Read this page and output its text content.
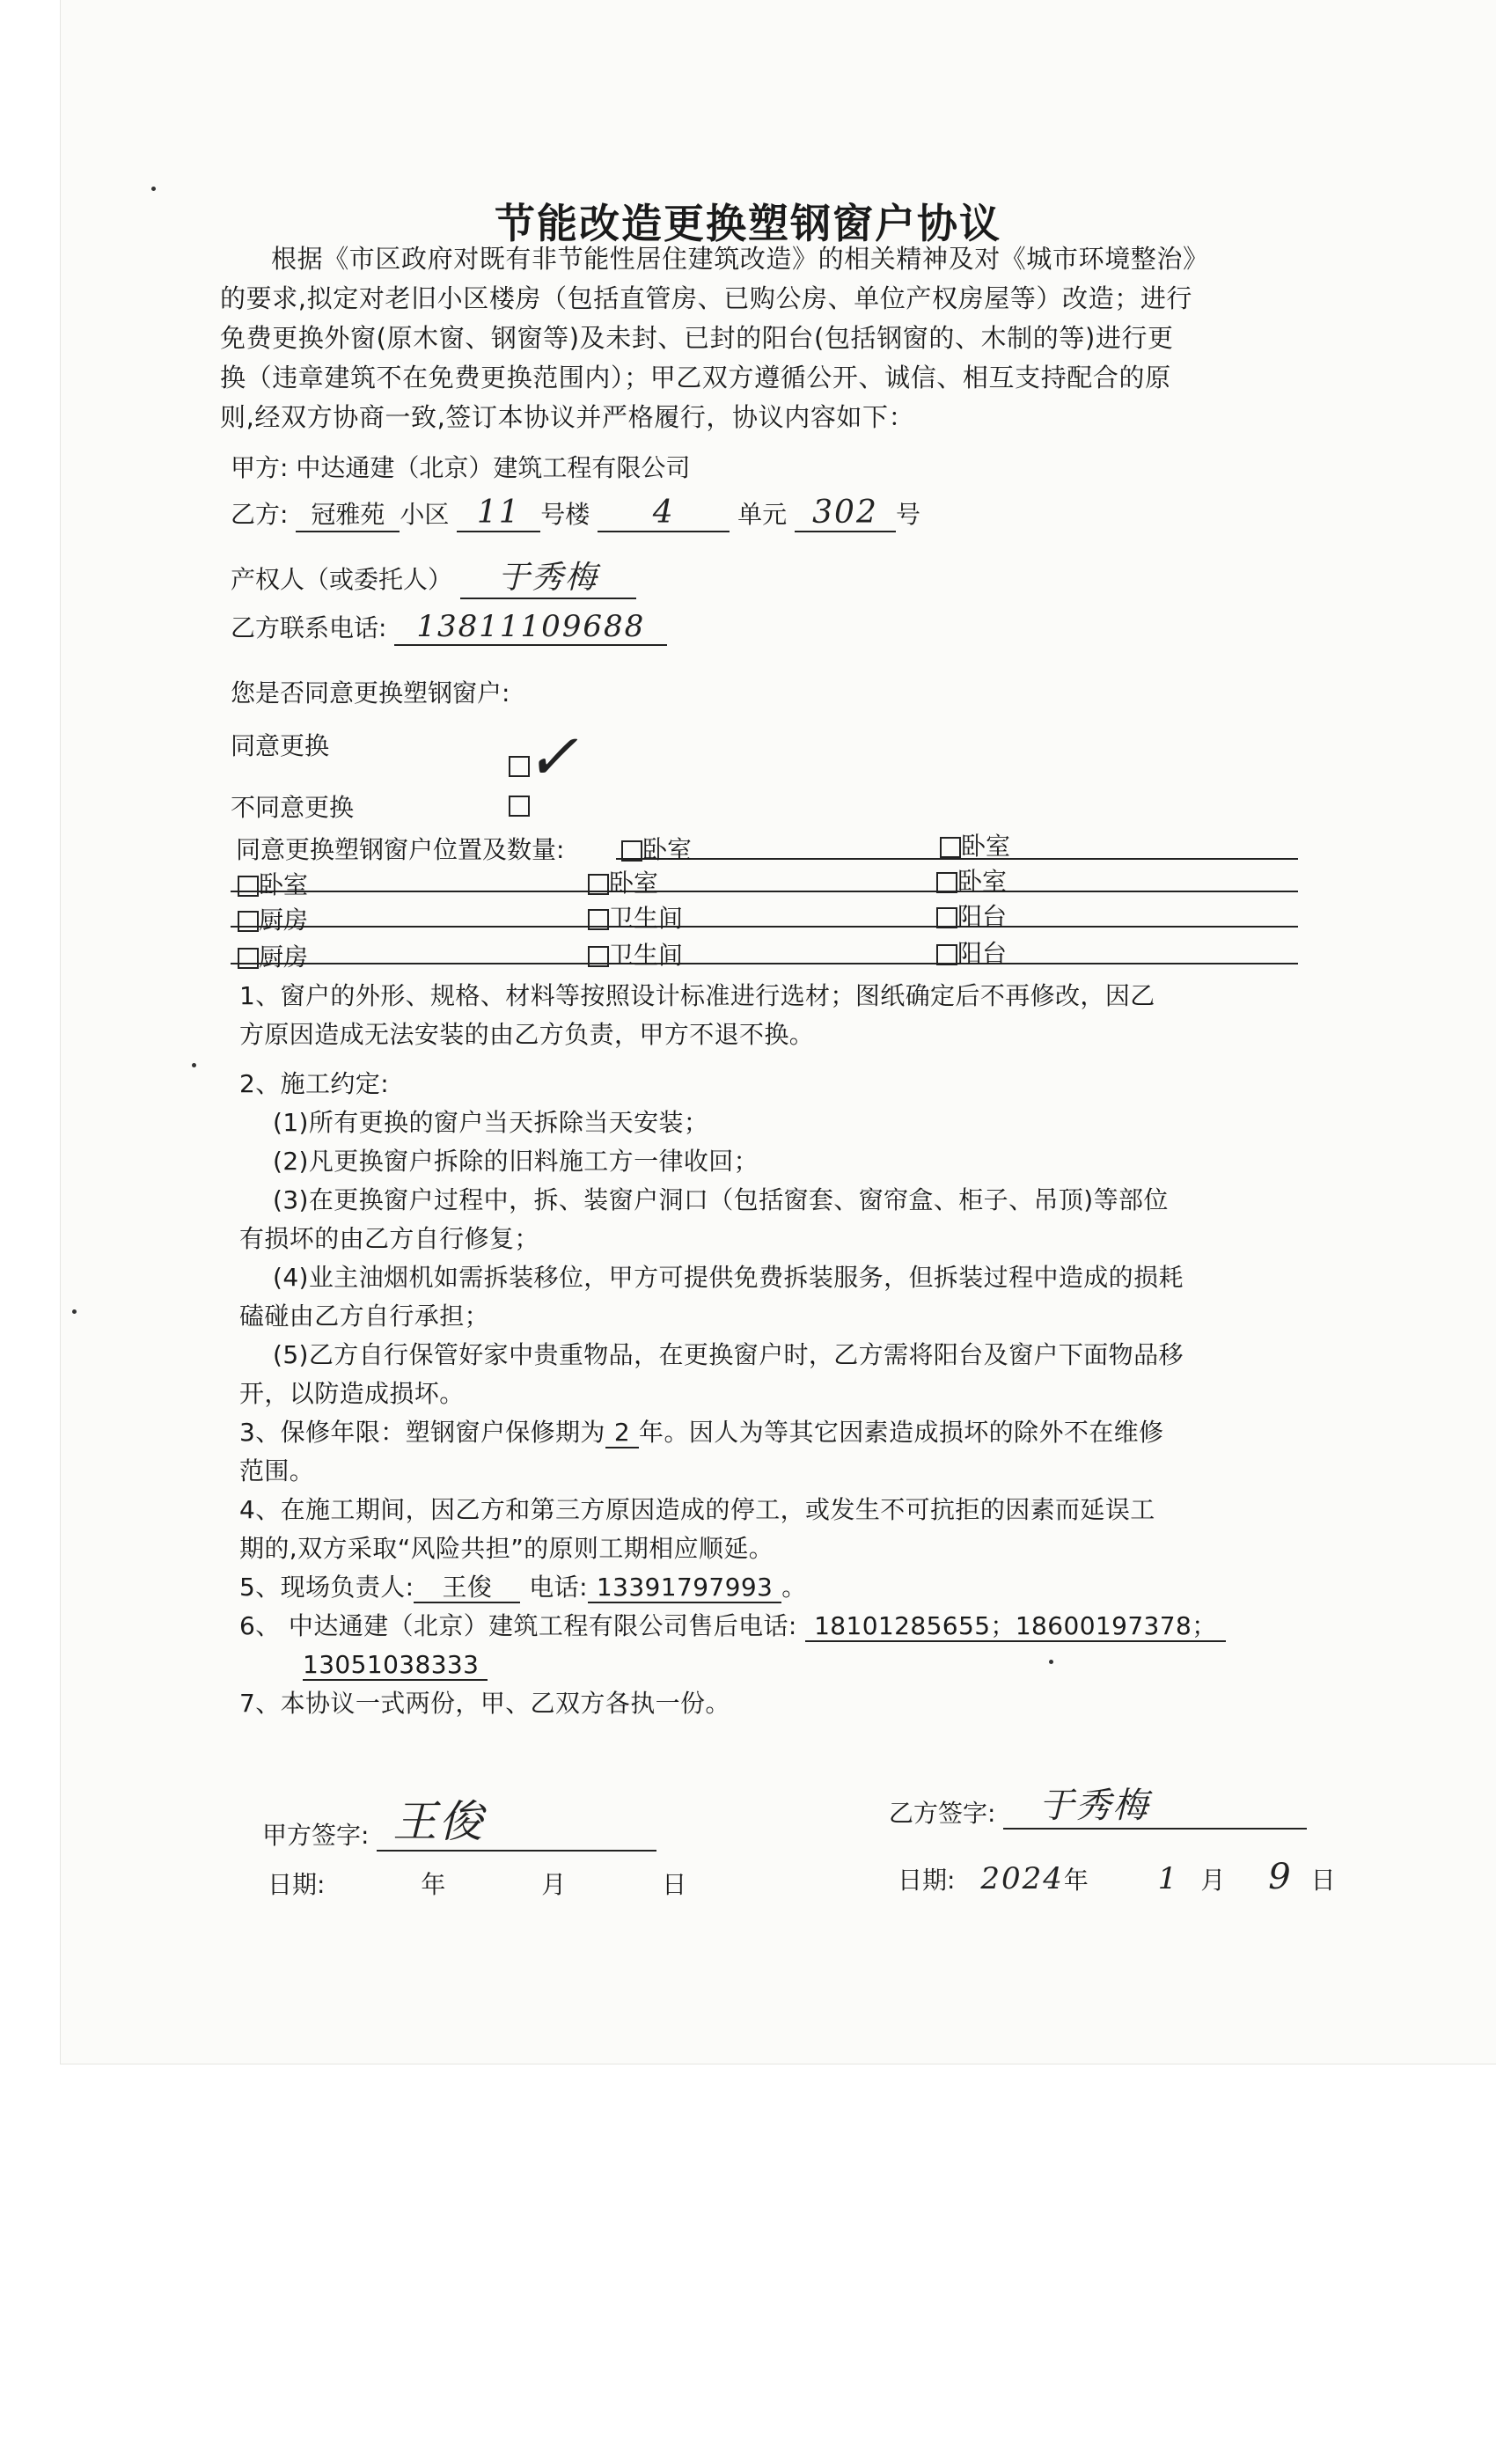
节能改造更换塑钢窗户协议

根据《市区政府对既有非节能性居住建筑改造》的相关精神及对《城市环境整治》

的要求,拟定对老旧小区楼房（包括直管房、已购公房、单位产权房屋等）改造；进行

免费更换外窗(原木窗、钢窗等)及未封、已封的阳台(包括钢窗的、木制的等)进行更

换（违章建筑不在免费更换范围内）；甲乙双方遵循公开、诚信、相互支持配合的原

则,经双方协商一致,签订本协议并严格履行，协议内容如下：

甲方: 中达通建（北京）建筑工程有限公司
乙方: 冠雅苑 小区 11 号楼 4	单元 302 号
产权人（或委托人） 于秀梅
乙方联系电话: 13811109688
您是否同意更换塑钢窗户:
同意更换	✓
不同意更换
同意更换塑钢窗户位置及数量:	卧室	卧室
卧室	卧室	卧室
厨房	卫生间	阳台
厨房	卫生间	阳台

1、窗户的外形、规格、材料等按照设计标准进行选材；图纸确定后不再修改，因乙

方原因造成无法安装的由乙方负责，甲方不退不换。

2、施工约定:

(1)所有更换的窗户当天拆除当天安装；

(2)凡更换窗户拆除的旧料施工方一律收回；

(3)在更换窗户过程中，拆、装窗户洞口（包括窗套、窗帘盒、柜子、吊顶)等部位

有损坏的由乙方自行修复；

(4)业主油烟机如需拆装移位，甲方可提供免费拆装服务，但拆装过程中造成的损耗

磕碰由乙方自行承担；

(5)乙方自行保管好家中贵重物品，在更换窗户时，乙方需将阳台及窗户下面物品移

开，以防造成损坏。

3、保修年限：塑钢窗户保修期为 2 年。因人为等其它因素造成损坏的除外不在维修

范围。

4、在施工期间，因乙方和第三方原因造成的停工，或发生不可抗拒的因素而延误工

期的,双方采取“风险共担”的原则工期相应顺延。

5、现场负责人: 王俊 电话: 13391797993 。

6、 中达通建（北京）建筑工程有限公司售后电话: 18101285655；18600197378；

13051038333

7、本协议一式两份，甲、乙双方各执一份。

甲方签字: 王俊	乙方签字: 于秀梅
日期:	年	月	日	日期: 2024年 1 月 9 日
